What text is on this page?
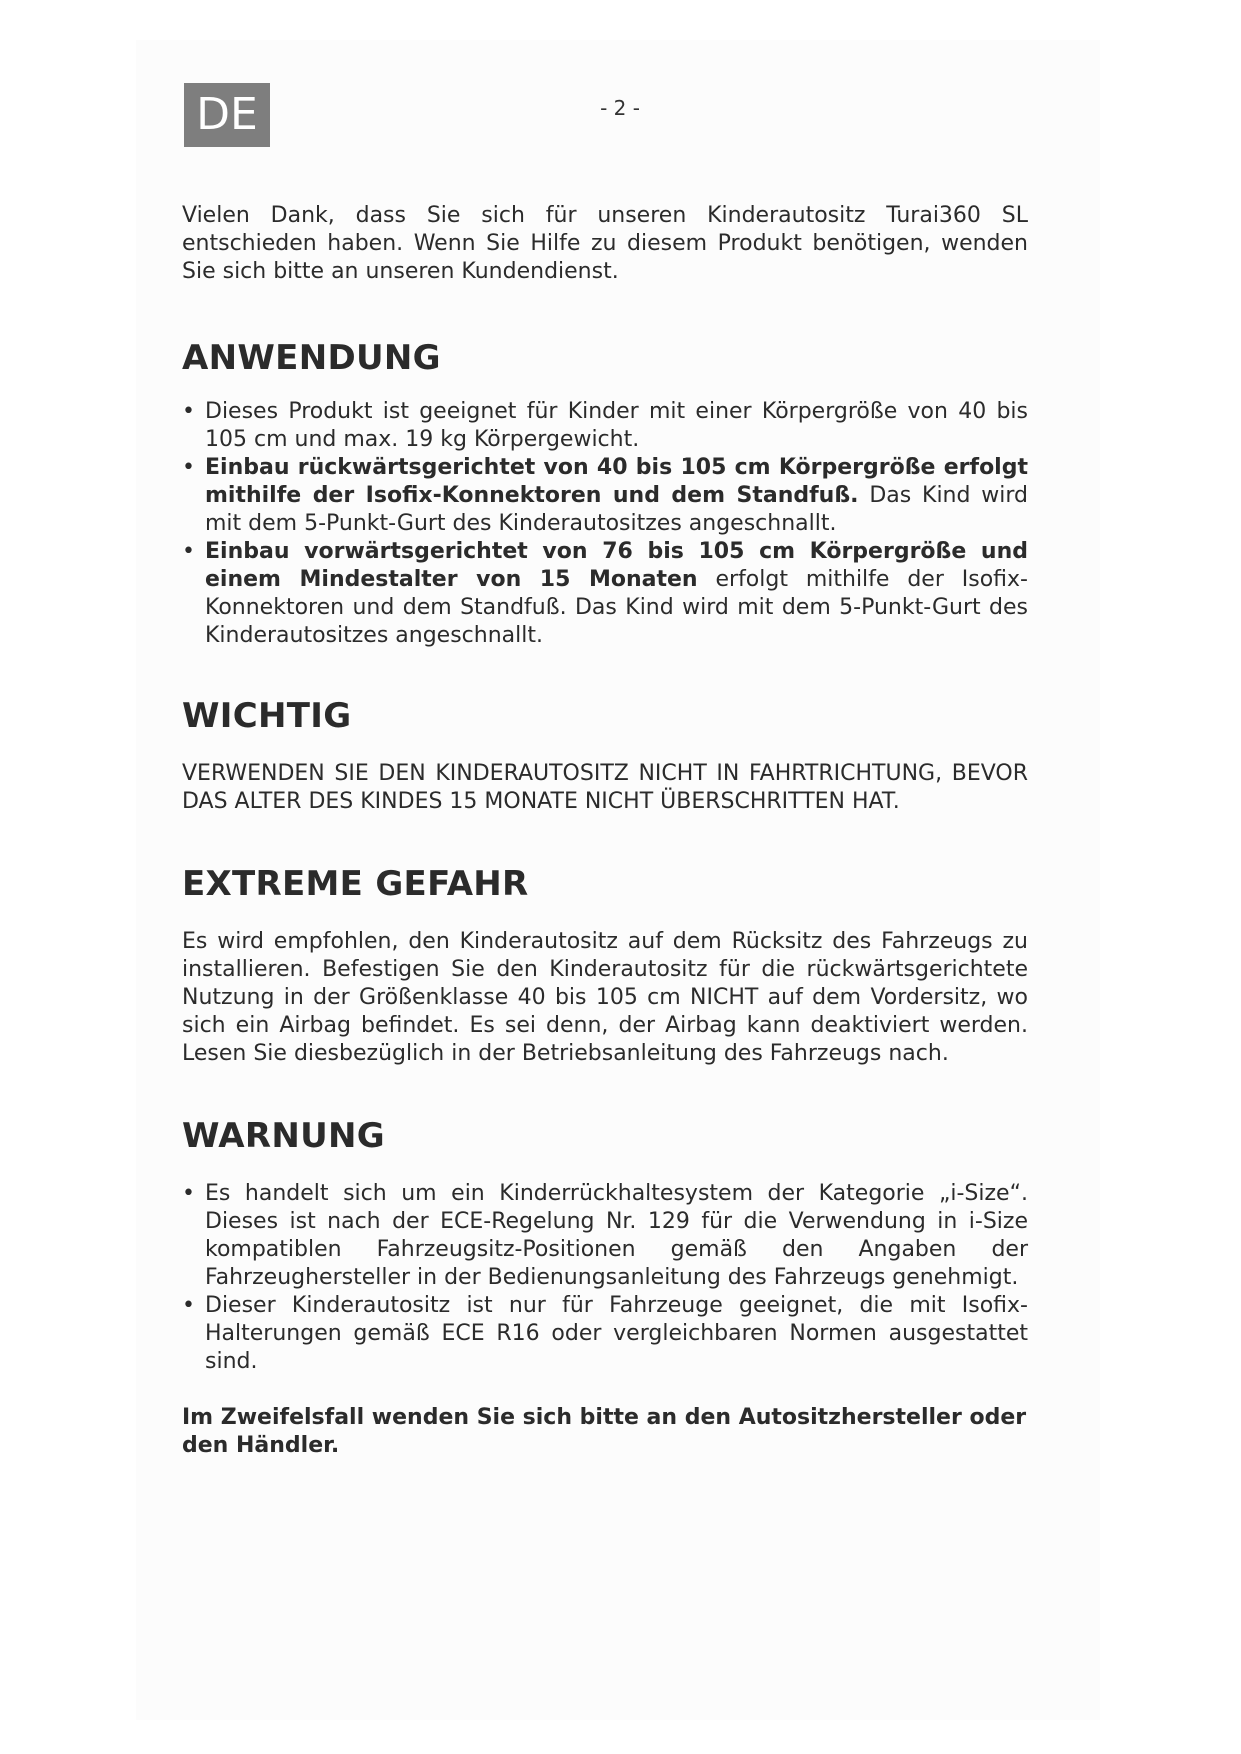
DE	- 2 -

Vielen Dank, dass Sie sich für unseren Kinderautositz Turai360 SL entschieden haben. Wenn Sie Hilfe zu diesem Produkt benötigen, wenden Sie sich bitte an unseren Kundendienst.

ANWENDUNG
• Dieses Produkt ist geeignet für Kinder mit einer Körpergröße von 40 bis 105 cm und max. 19 kg Körpergewicht.
• Einbau rückwärtsgerichtet von 40 bis 105 cm Körpergröße erfolgt mithilfe der Isofix-Konnektoren und dem Standfuß. Das Kind wird mit dem 5-Punkt-Gurt des Kinderautositzes angeschnallt.
• Einbau vorwärtsgerichtet von 76 bis 105 cm Körpergröße und einem Mindestalter von 15 Monaten erfolgt mithilfe der Isofix-Konnektoren und dem Standfuß. Das Kind wird mit dem 5-Punkt-Gurt des Kinderautositzes angeschnallt.
WICHTIG

VERWENDEN SIE DEN KINDERAUTOSITZ NICHT IN FAHRTRICHTUNG, BEVOR DAS ALTER DES KINDES 15 MONATE NICHT ÜBERSCHRITTEN HAT.

EXTREME GEFAHR

Es wird empfohlen, den Kinderautositz auf dem Rücksitz des Fahrzeugs zu installieren. Befestigen Sie den Kinderautositz für die rückwärtsgerichtete Nutzung in der Größenklasse 40 bis 105 cm NICHT auf dem Vordersitz, wo sich ein Airbag befindet. Es sei denn, der Airbag kann deaktiviert werden. Lesen Sie diesbezüglich in der Betriebsanleitung des Fahrzeugs nach.

WARNUNG
• Es handelt sich um ein Kinderrückhaltesystem der Kategorie „i-Size“. Dieses ist nach der ECE-Regelung Nr. 129 für die Verwendung in i-Size kompatiblen Fahrzeugsitz-Positionen gemäß den Angaben der Fahrzeughersteller in der Bedienungsanleitung des Fahrzeugs genehmigt.
• Dieser Kinderautositz ist nur für Fahrzeuge geeignet, die mit Isofix-Halterungen gemäß ECE R16 oder vergleichbaren Normen ausgestattet sind.

Im Zweifelsfall wenden Sie sich bitte an den Autositzhersteller oder den Händler.
